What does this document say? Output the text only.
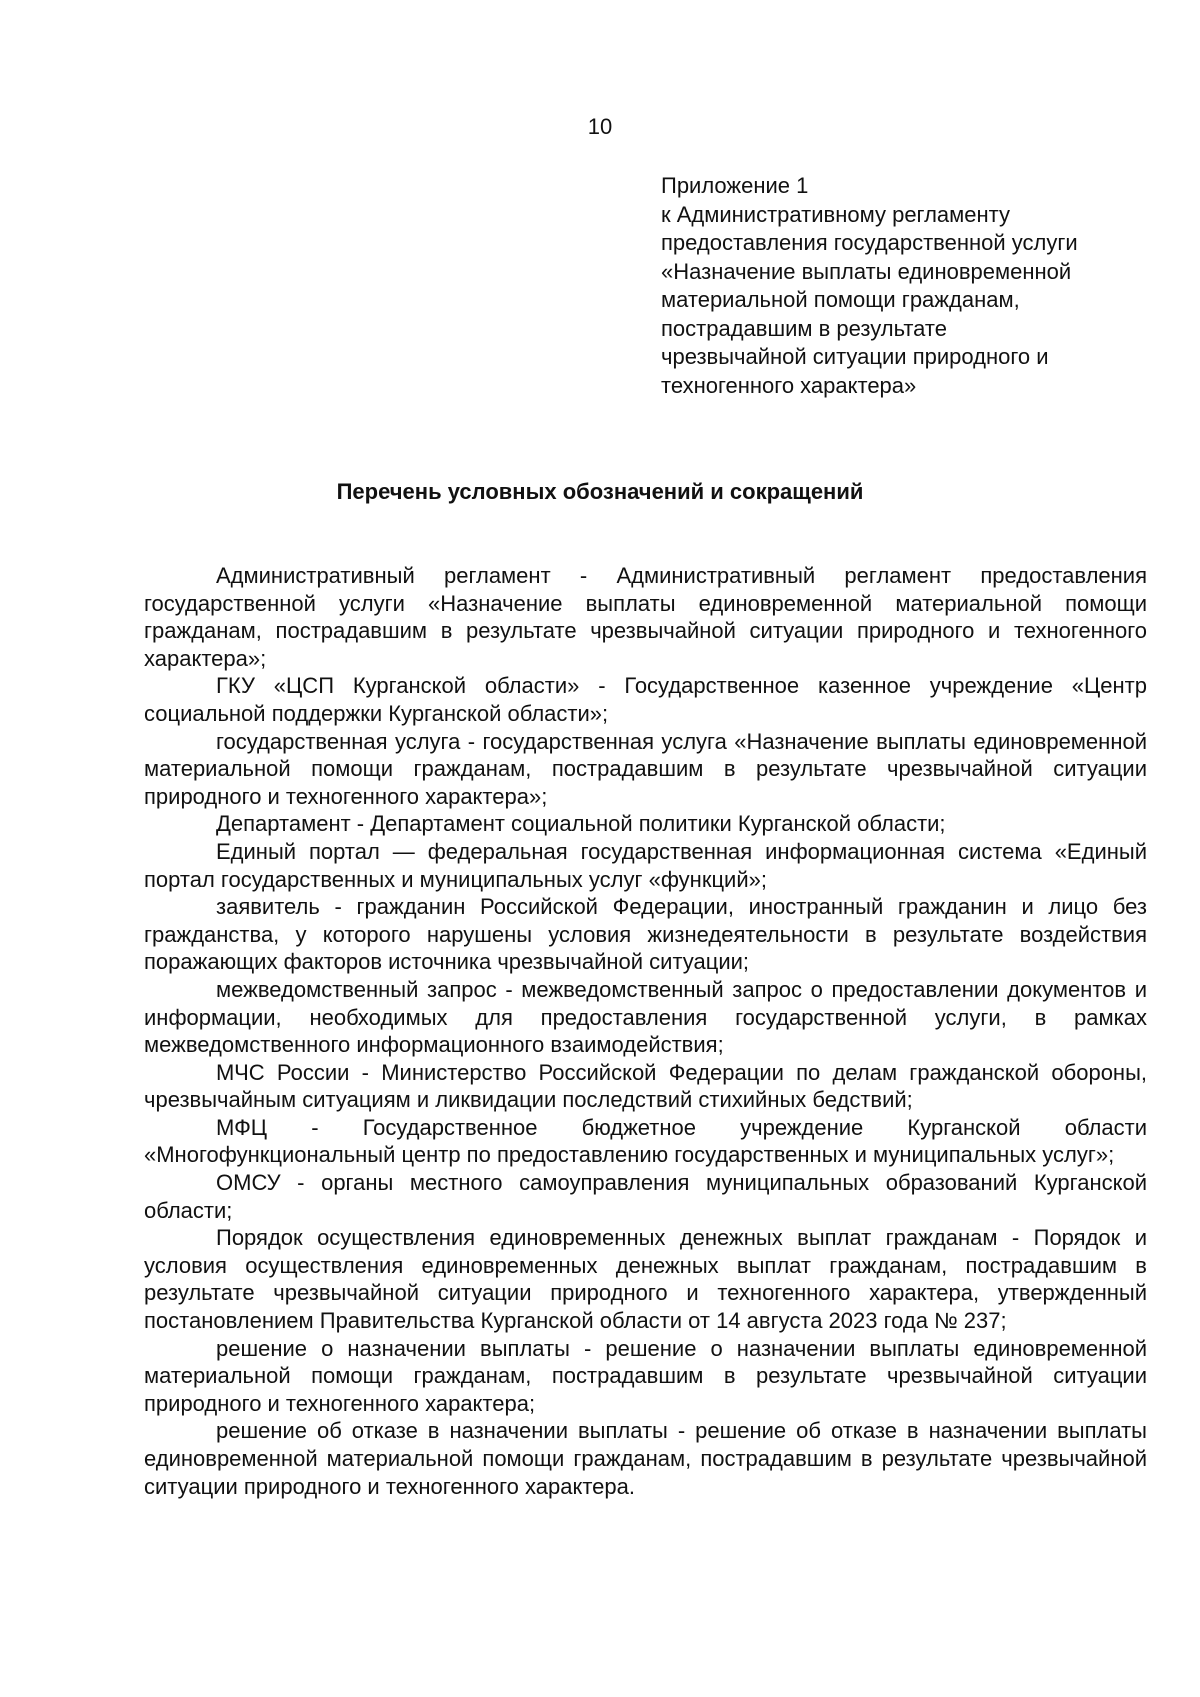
10
Приложение 1
к Административному регламенту
предоставления государственной услуги
«Назначение выплаты единовременной
материальной помощи гражданам,
пострадавшим в результате
чрезвычайной ситуации природного и
техногенного характера»
Перечень условных обозначений и сокращений

Административный регламент - Административный регламент предоставления государственной услуги «Назначение выплаты единовременной материальной помощи гражданам, пострадавшим в результате чрезвычайной ситуации природного и техногенного характера»;

ГКУ «ЦСП Курганской области» - Государственное казенное учреждение «Центр социальной поддержки Курганской области»;

государственная услуга - государственная услуга «Назначение выплаты единовременной материальной помощи гражданам, пострадавшим в результате чрезвычайной ситуации природного и техногенного характера»;

Департамент - Департамент социальной политики Курганской области;

Единый портал — федеральная государственная информационная система «Единый портал государственных и муниципальных услуг «функций»;

заявитель - гражданин Российской Федерации, иностранный гражданин и лицо без гражданства, у которого нарушены условия жизнедеятельности в результате воздействия поражающих факторов источника чрезвычайной ситуации;

межведомственный запрос - межведомственный запрос о предоставлении документов и информации, необходимых для предоставления государственной услуги, в рамках межведомственного информационного взаимодействия;

МЧС России - Министерство Российской Федерации по делам гражданской обороны, чрезвычайным ситуациям и ликвидации последствий стихийных бедствий;

МФЦ - Государственное бюджетное учреждение Курганской области «Многофункциональный центр по предоставлению государственных и муниципальных услуг»;

ОМСУ - органы местного самоуправления муниципальных образований Курганской области;

Порядок осуществления единовременных денежных выплат гражданам - Порядок и условия осуществления единовременных денежных выплат гражданам, пострадавшим в результате чрезвычайной ситуации природного и техногенного характера, утвержденный постановлением Правительства Курганской области от 14 августа 2023 года № 237;

решение о назначении выплаты - решение о назначении выплаты единовременной материальной помощи гражданам, пострадавшим в результате чрезвычайной ситуации природного и техногенного характера;

решение об отказе в назначении выплаты - решение об отказе в назначении выплаты единовременной материальной помощи гражданам, пострадавшим в результате чрезвычайной ситуации природного и техногенного характера.
